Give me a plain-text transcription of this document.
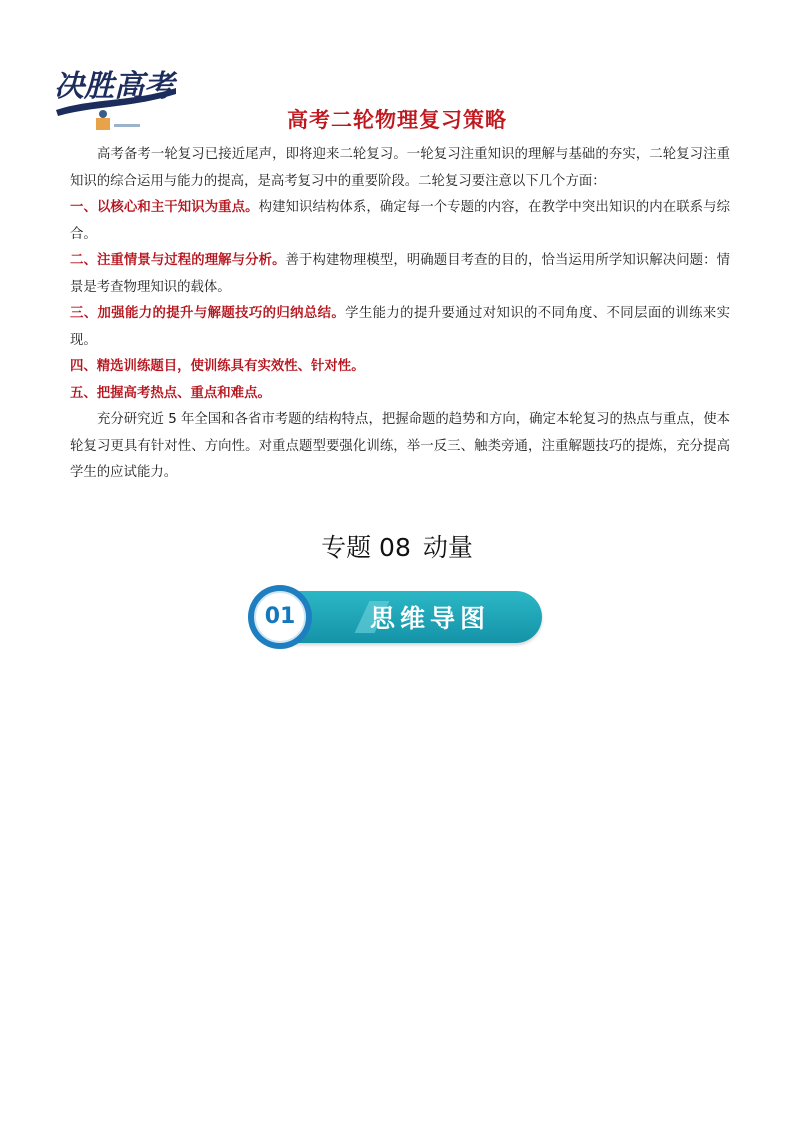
决胜高考
高考二轮物理复习策略

高考备考一轮复习已接近尾声，即将迎来二轮复习。一轮复习注重知识的理解与基础的夯实，二轮复习注重知识的综合运用与能力的提高，是高考复习中的重要阶段。二轮复习要注意以下几个方面：

一、以核心和主干知识为重点。构建知识结构体系，确定每一个专题的内容，在教学中突出知识的内在联系与综合。

二、注重情景与过程的理解与分析。善于构建物理模型，明确题目考查的目的，恰当运用所学知识解决问题：情景是考查物理知识的载体。

三、加强能力的提升与解题技巧的归纳总结。学生能力的提升要通过对知识的不同角度、不同层面的训练来实现。

四、精选训练题目，使训练具有实效性、针对性。

五、把握高考热点、重点和难点。

充分研究近 5 年全国和各省市考题的结构特点，把握命题的趋势和方向，确定本轮复习的热点与重点，使本轮复习更具有针对性、方向性。对重点题型要强化训练，举一反三、触类旁通，注重解题技巧的提炼，充分提高学生的应试能力。

专题 08 动量
01	思维导图
